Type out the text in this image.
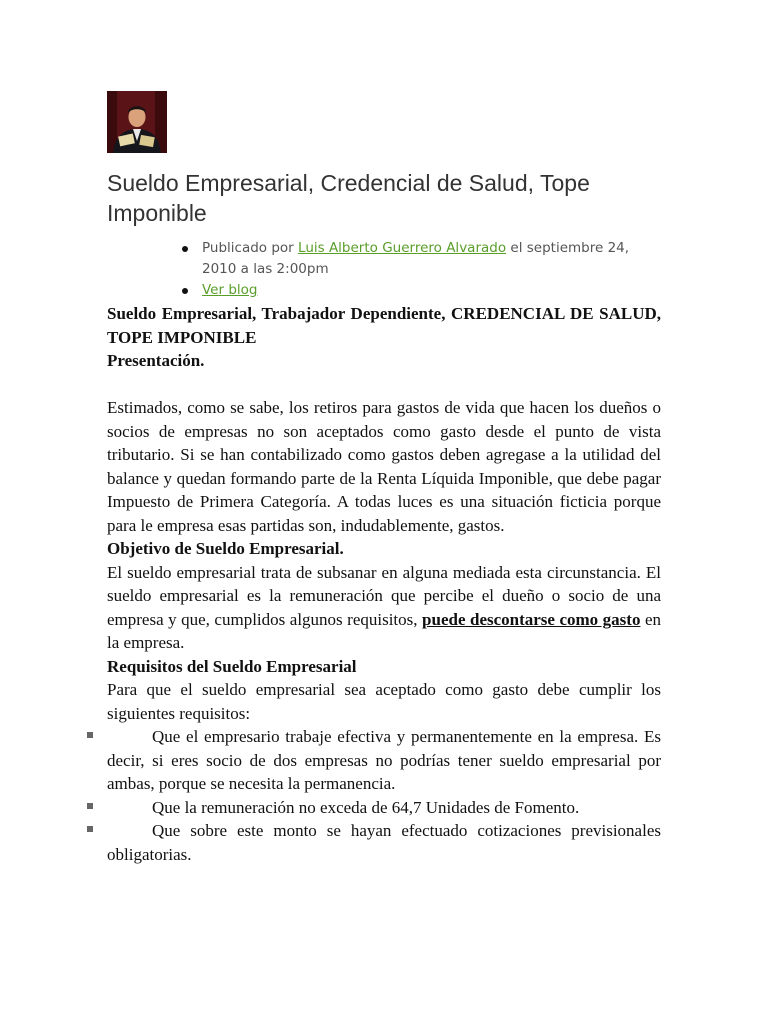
Sueldo Empresarial, Credencial de Salud, Tope Imponible
Publicado por Luis Alberto Guerrero Alvarado el septiembre 24, 2010 a las 2:00pm
Ver blog

Sueldo Empresarial, Trabajador Dependiente, CREDENCIAL DE SALUD, TOPE IMPONIBLE

Presentación.

Estimados, como se sabe, los retiros para gastos de vida que hacen los dueños o socios de empresas no son aceptados como gasto desde el punto de vista tributario. Si se han contabilizado como gastos deben agregase a la utilidad del balance y quedan formando parte de la Renta Líquida Imponible, que debe pagar Impuesto de Primera Categoría. A todas luces es una situación ficticia porque para le empresa esas partidas son, indudablemente, gastos.

Objetivo de Sueldo Empresarial.

El sueldo empresarial trata de subsanar en alguna mediada esta circunstancia. El sueldo empresarial es la remuneración que percibe el dueño o socio de una empresa y que, cumplidos algunos requisitos, puede descontarse como gasto en la empresa.

Requisitos del Sueldo Empresarial

Para que el sueldo empresarial sea aceptado como gasto debe cumplir los siguientes requisitos:

Que el empresario trabaje efectiva y permanentemente en la empresa. Es decir, si eres socio de dos empresas no podrías tener sueldo empresarial por ambas, porque se necesita la permanencia.

Que la remuneración no exceda de 64,7 Unidades de Fomento.

Que sobre este monto se hayan efectuado cotizaciones previsionales obligatorias.
